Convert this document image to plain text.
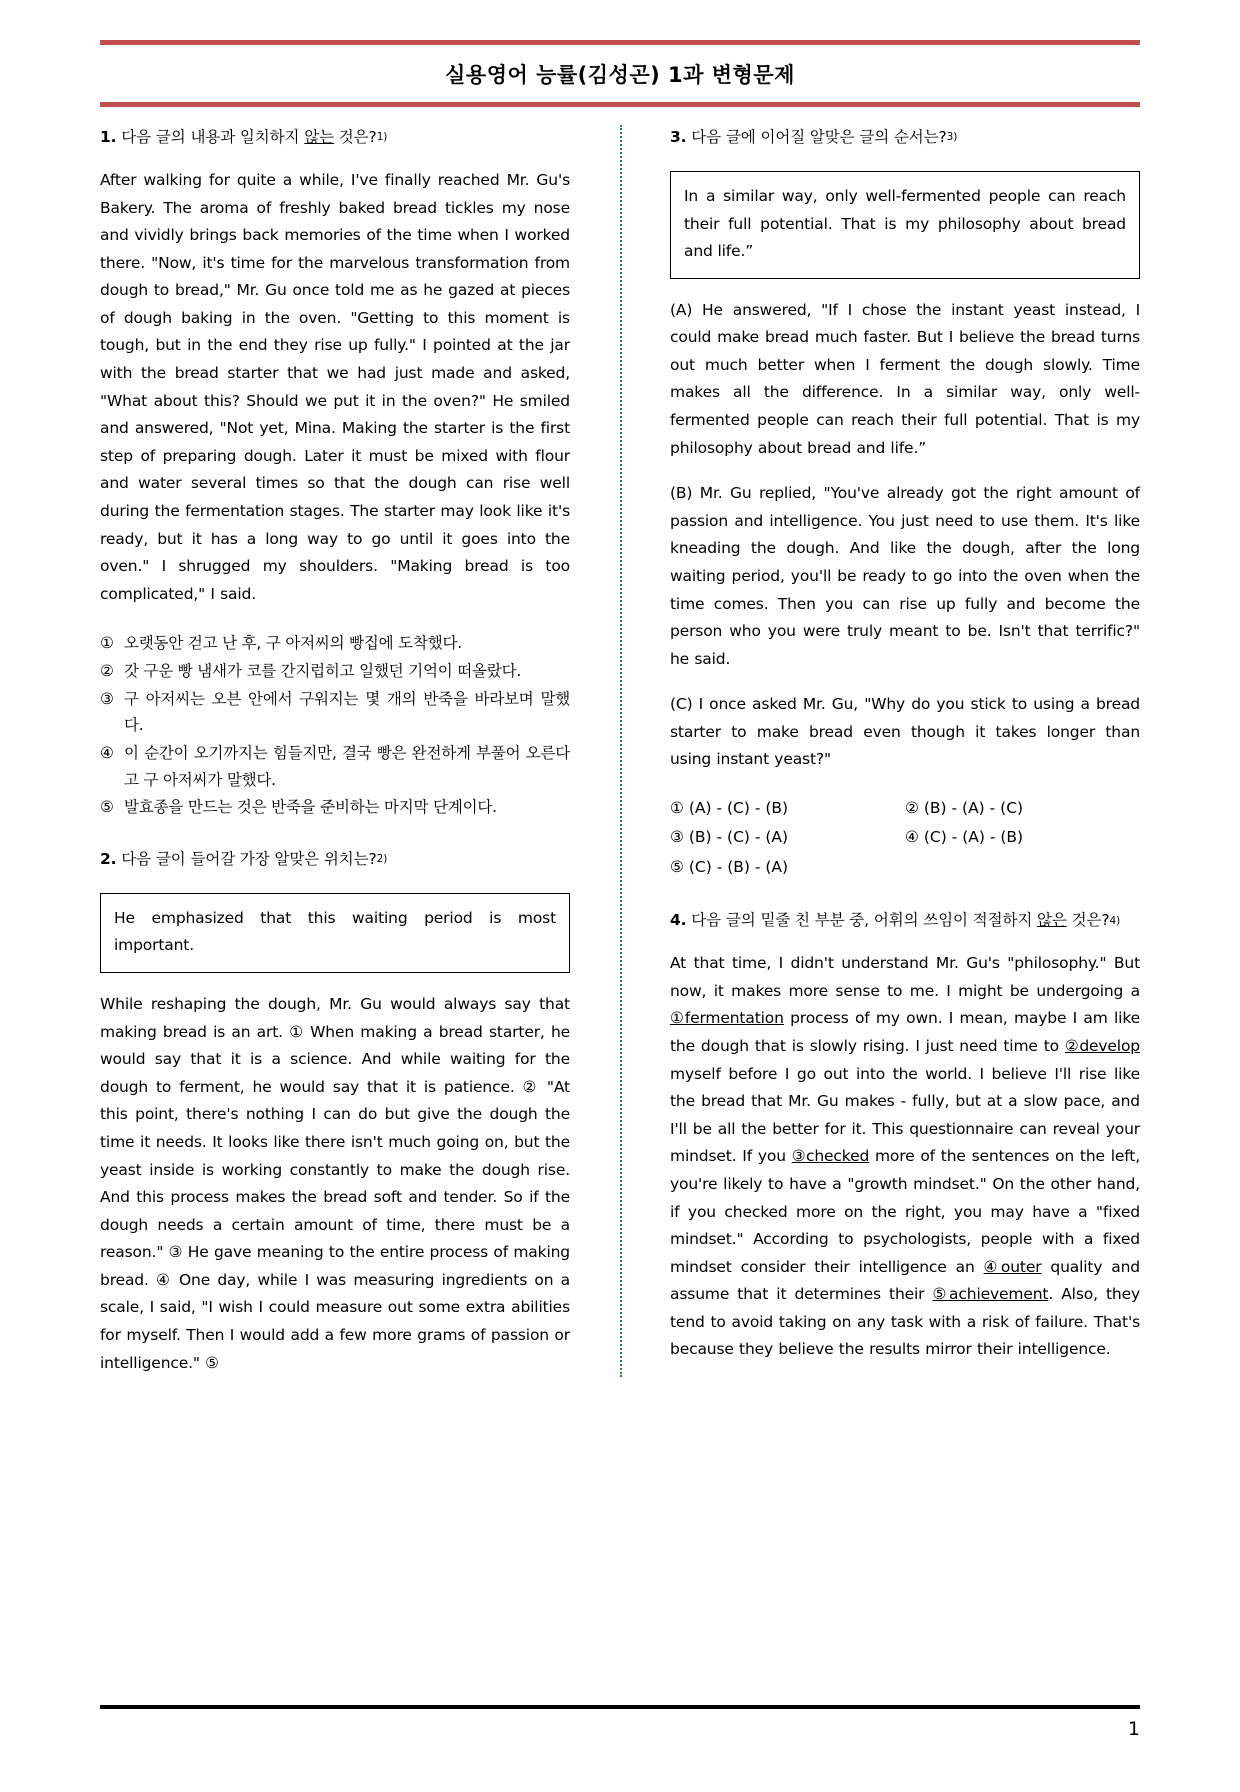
실용영어 능률(김성곤) 1과 변형문제
1. 다음 글의 내용과 일치하지 않는 것은?$^{1)}$
After walking for quite a while, I've finally reached Mr. Gu's Bakery. The aroma of freshly baked bread tickles my nose and vividly brings back memories of the time when I worked there. "Now, it's time for the marvelous transformation from dough to bread," Mr. Gu once told me as he gazed at pieces of dough baking in the oven. "Getting to this moment is tough, but in the end they rise up fully." I pointed at the jar with the bread starter that we had just made and asked, "What about this? Should we put it in the oven?" He smiled and answered, "Not yet, Mina. Making the starter is the first step of preparing dough. Later it must be mixed with flour and water several times so that the dough can rise well during the fermentation stages. The starter may look like it's ready, but it has a long way to go until it goes into the oven." I shrugged my shoulders. "Making bread is too complicated," I said.
① 오랫동안 걷고 난 후, 구 아저씨의 빵집에 도착했다.
② 갓 구운 빵 냄새가 코를 간지럽히고 일했던 기억이 떠올랐다.
③ 구 아저씨는 오븐 안에서 구워지는 몇 개의 반죽을 바라보며 말했다.
④ 이 순간이 오기까지는 힘들지만, 결국 빵은 완전하게 부풀어 오른다고 구 아저씨가 말했다.
⑤ 발효종을 만드는 것은 반죽을 준비하는 마지막 단계이다.
2. 다음 글이 들어갈 가장 알맞은 위치는?$^{2)}$
He emphasized that this waiting period is most important.
While reshaping the dough, Mr. Gu would always say that making bread is an art. ① When making a bread starter, he would say that it is a science. And while waiting for the dough to ferment, he would say that it is patience. ② "At this point, there's nothing I can do but give the dough the time it needs. It looks like there isn't much going on, but the yeast inside is working constantly to make the dough rise. And this process makes the bread soft and tender. So if the dough needs a certain amount of time, there must be a reason." ③ He gave meaning to the entire process of making bread. ④ One day, while I was measuring ingredients on a scale, I said, "I wish I could measure out some extra abilities for myself. Then I would add a few more grams of passion or intelligence." ⑤
3. 다음 글에 이어질 알맞은 글의 순서는?$^{3)}$
In a similar way, only well-fermented people can reach their full potential. That is my philosophy about bread and life.”
(A) He answered, "If I chose the instant yeast instead, I could make bread much faster. But I believe the bread turns out much better when I ferment the dough slowly. Time makes all the difference. In a similar way, only well-fermented people can reach their full potential. That is my philosophy about bread and life.”
(B) Mr. Gu replied, "You've already got the right amount of passion and intelligence. You just need to use them. It's like kneading the dough. And like the dough, after the long waiting period, you'll be ready to go into the oven when the time comes. Then you can rise up fully and become the person who you were truly meant to be. Isn't that terrific?" he said.
(C) I once asked Mr. Gu, "Why do you stick to using a bread starter to make bread even though it takes longer than using instant yeast?"
① (A) - (C) - (B)	② (B) - (A) - (C)
③ (B) - (C) - (A)	④ (C) - (A) - (B)
⑤ (C) - (B) - (A)
4. 다음 글의 밑줄 친 부분 중, 어휘의 쓰임이 적절하지 않은 것은?$^{4)}$
At that time, I didn't understand Mr. Gu's "philosophy." But now, it makes more sense to me. I might be undergoing a ①fermentation process of my own. I mean, maybe I am like the dough that is slowly rising. I just need time to ②develop myself before I go out into the world. I believe I'll rise like the bread that Mr. Gu makes - fully, but at a slow pace, and I'll be all the better for it. This questionnaire can reveal your mindset. If you ③checked more of the sentences on the left, you're likely to have a "growth mindset." On the other hand, if you checked more on the right, you may have a "fixed mindset." According to psychologists, people with a fixed mindset consider their intelligence an ④outer quality and assume that it determines their ⑤achievement. Also, they tend to avoid taking on any task with a risk of failure. That's because they believe the results mirror their intelligence.
1
